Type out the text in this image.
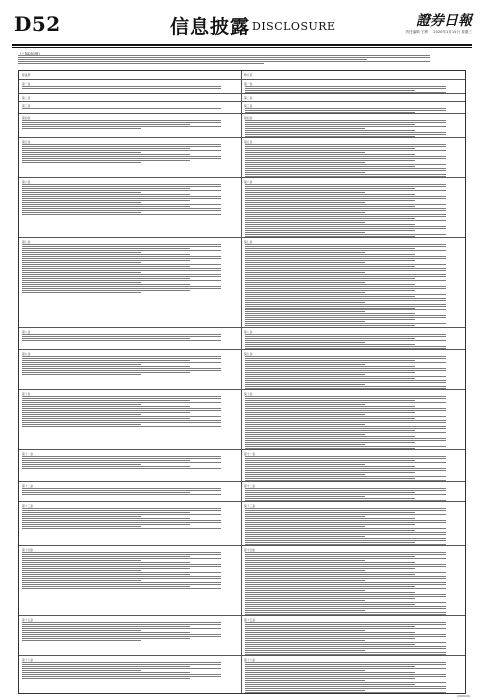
D52	信息披露 DISCLOSURE	證券日報
责任编辑 王辉 2020年1月15日 星期三
(上接D51版)
原条款	修订后
第一条	第一条
第二条	第二条
第三条	第三条
第四条	第四条
第五条	第五条
第六条	第六条
第七条	第七条
第八条	第八条
第九条	第九条
第十条	第十条
第十一条	第十一条
第十二条	第十二条
第十三条	第十三条
第十四条	第十四条
第十五条	第十五条
第十六条	第十六条
(CI0019)
